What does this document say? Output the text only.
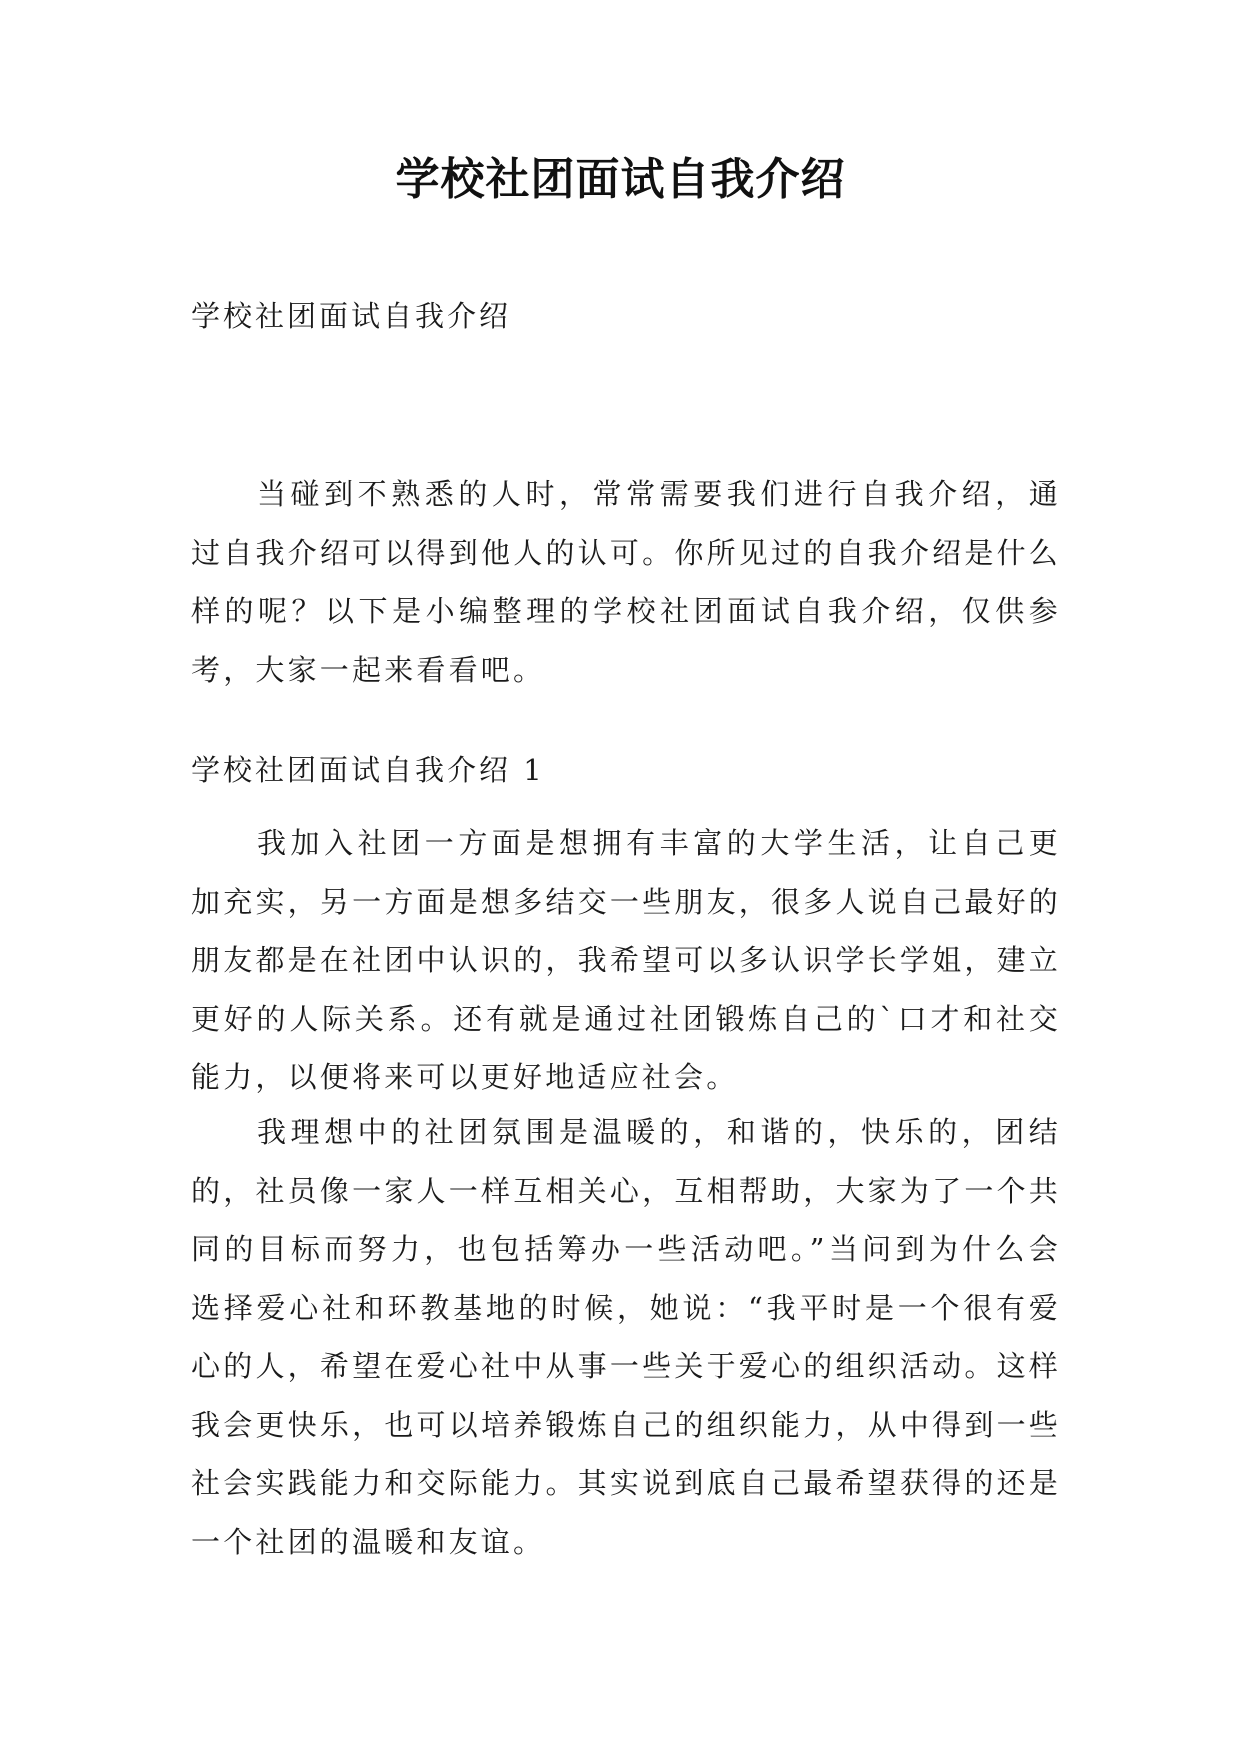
学校社团面试自我介绍

学校社团面试自我介绍

当碰到不熟悉的人时，常常需要我们进行自我介绍，通过自我介绍可以得到他人的认可。你所见过的自我介绍是什么样的呢？以下是小编整理的学校社团面试自我介绍，仅供参考，大家一起来看看吧。

学校社团面试自我介绍 1

我加入社团一方面是想拥有丰富的大学生活，让自己更加充实，另一方面是想多结交一些朋友，很多人说自己最好的朋友都是在社团中认识的，我希望可以多认识学长学姐，建立更好的人际关系。还有就是通过社团锻炼自己的`口才和社交能力，以便将来可以更好地适应社会。

我理想中的社团氛围是温暖的，和谐的，快乐的，团结的，社员像一家人一样互相关心，互相帮助，大家为了一个共同的目标而努力，也包括筹办一些活动吧。”当问到为什么会选择爱心社和环教基地的时候，她说：“我平时是一个很有爱心的人，希望在爱心社中从事一些关于爱心的组织活动。这样我会更快乐，也可以培养锻炼自己的组织能力，从中得到一些社会实践能力和交际能力。其实说到底自己最希望获得的还是一个社团的温暖和友谊。
